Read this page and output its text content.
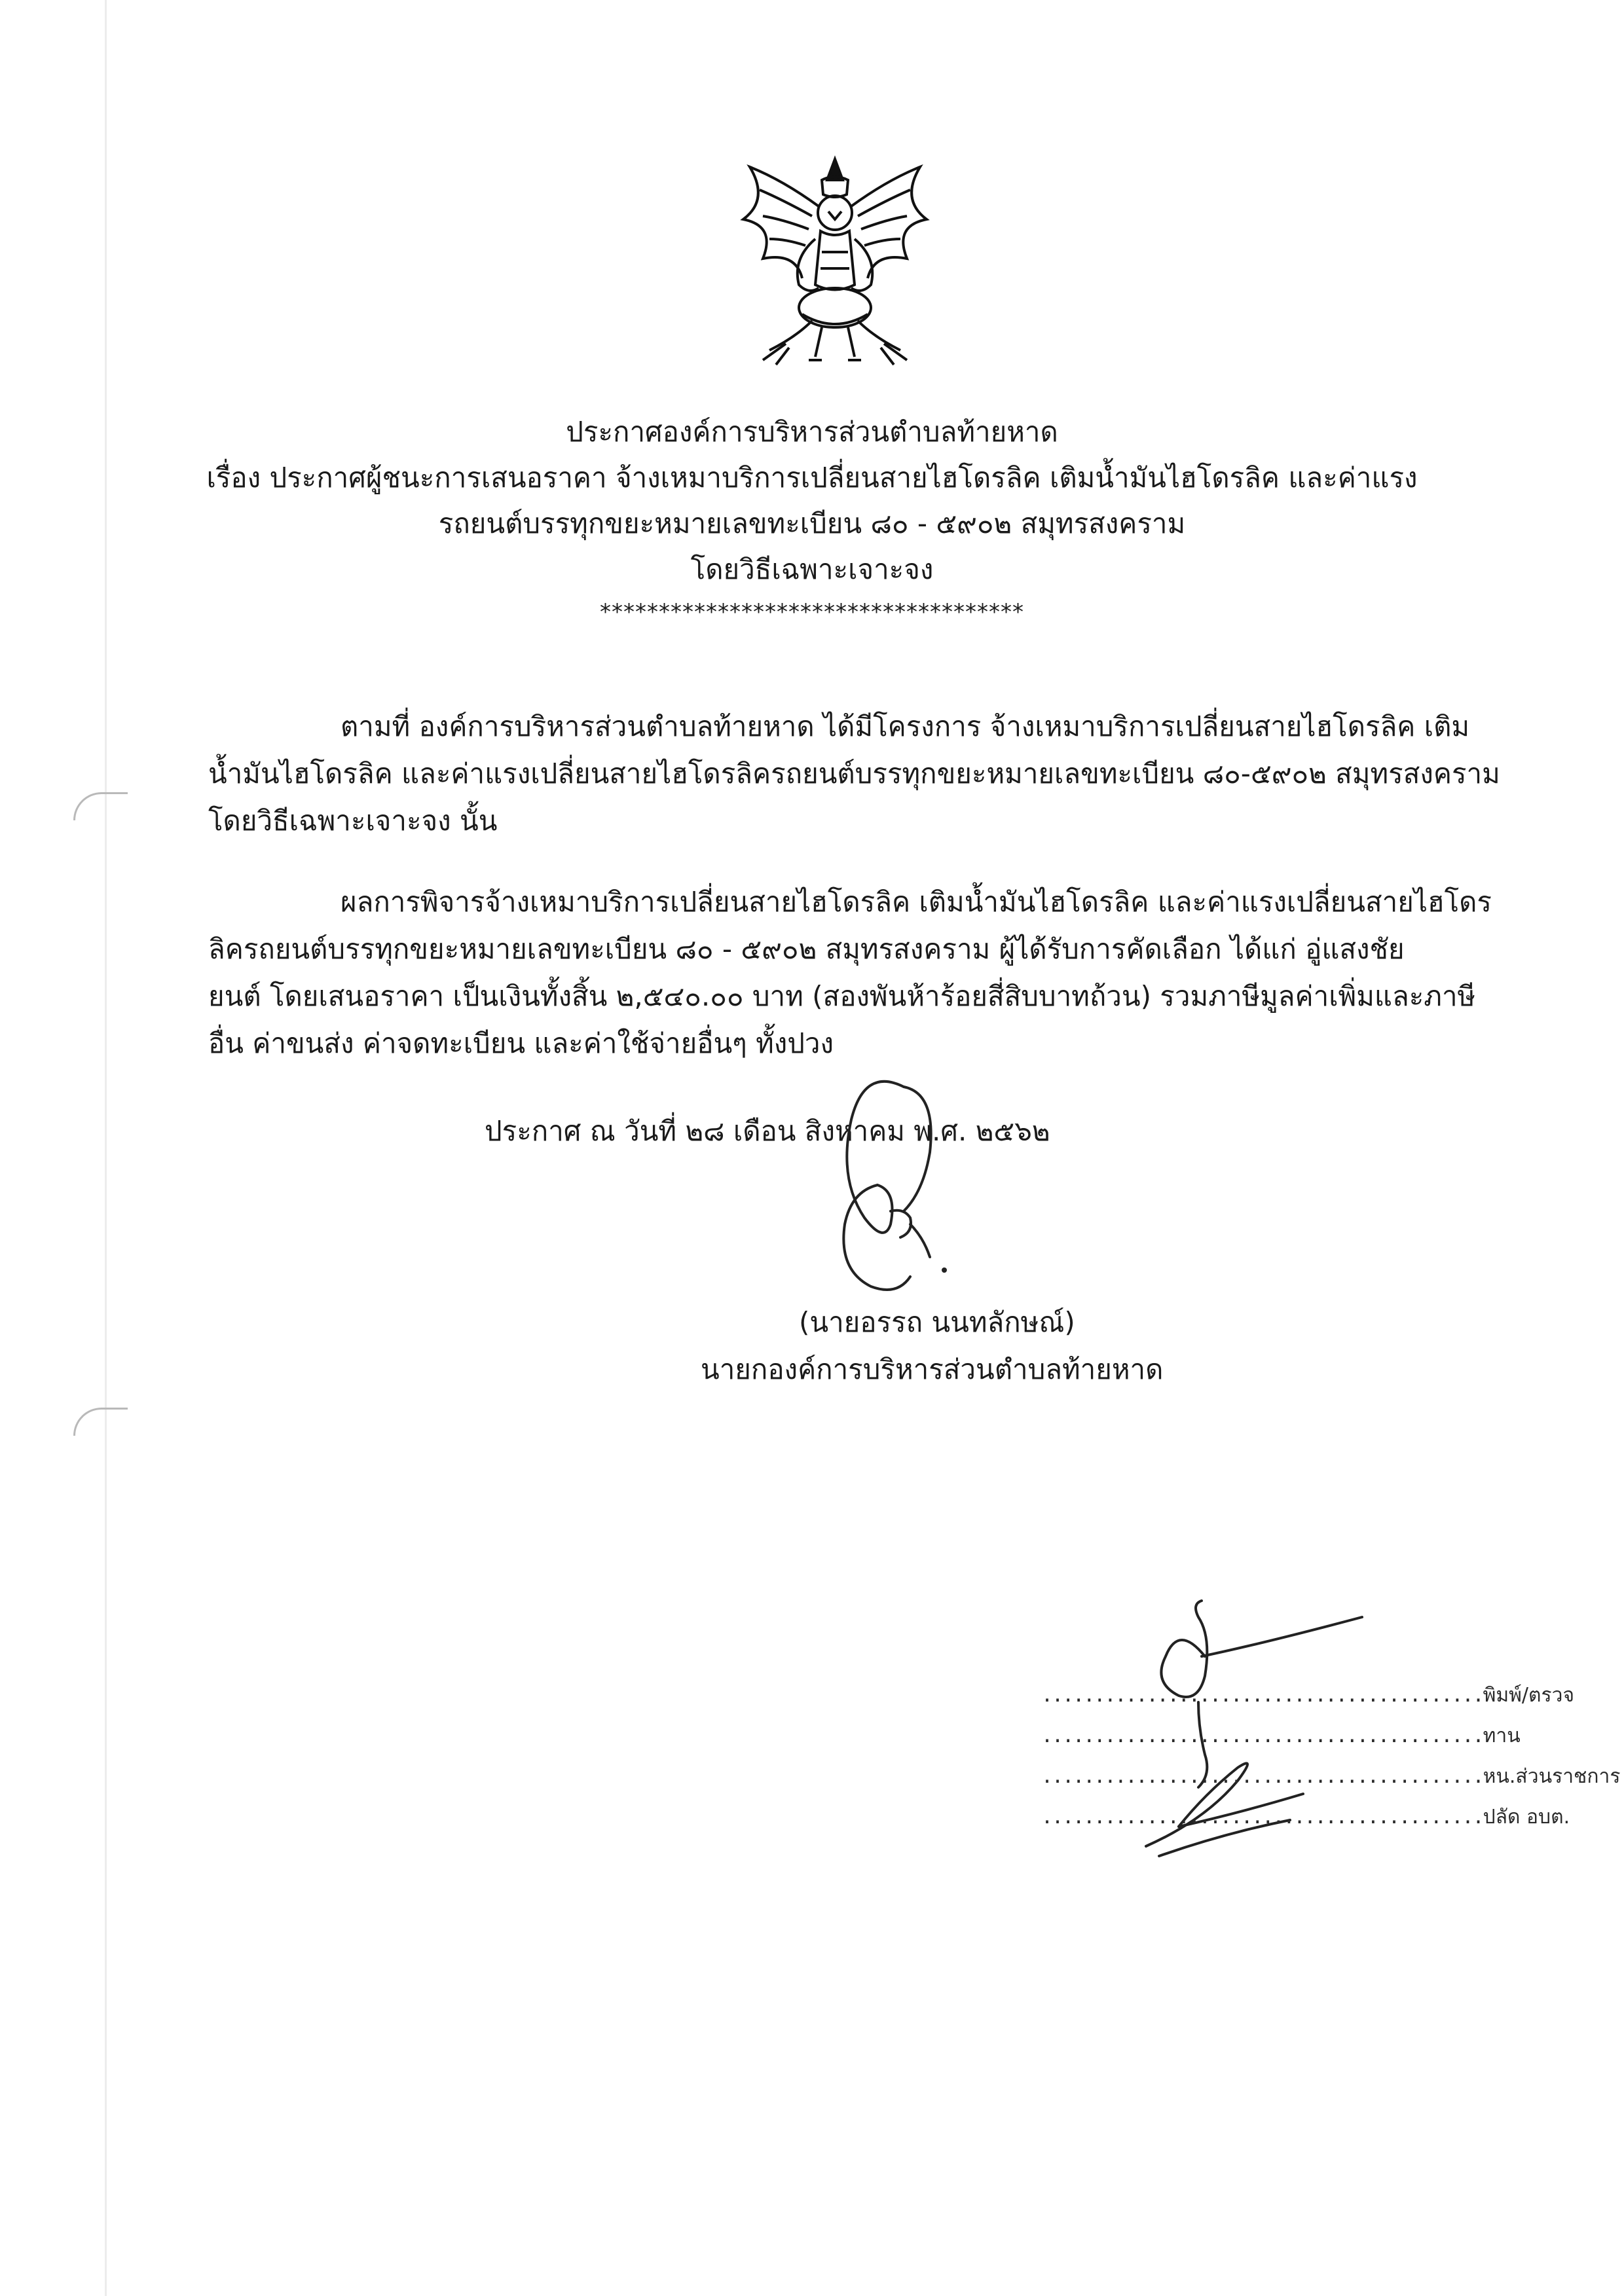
ประกาศองค์การบริหารส่วนตำบลท้ายหาด
เรื่อง ประกาศผู้ชนะการเสนอราคา จ้างเหมาบริการเปลี่ยนสายไฮโดรลิค เติมน้ำมันไฮโดรลิค และค่าแรง
รถยนต์บรรทุกขยะหมายเลขทะเบียน ๘๐ - ๕๙๐๒ สมุทรสงคราม
โดยวิธีเฉพาะเจาะจง
************************************
ตามที่ องค์การบริหารส่วนตำบลท้ายหาด ได้มีโครงการ จ้างเหมาบริการเปลี่ยนสายไฮโดรลิค เติม
น้ำมันไฮโดรลิค และค่าแรงเปลี่ยนสายไฮโดรลิครถยนต์บรรทุกขยะหมายเลขทะเบียน ๘๐-๕๙๐๒ สมุทรสงคราม
โดยวิธีเฉพาะเจาะจง นั้น
ผลการพิจารจ้างเหมาบริการเปลี่ยนสายไฮโดรลิค เติมน้ำมันไฮโดรลิค และค่าแรงเปลี่ยนสายไฮโดร
ลิครถยนต์บรรทุกขยะหมายเลขทะเบียน ๘๐ - ๕๙๐๒ สมุทรสงคราม ผู้ได้รับการคัดเลือก ได้แก่ อู่แสงชัย
ยนต์ โดยเสนอราคา เป็นเงินทั้งสิ้น ๒,๕๔๐.๐๐ บาท (สองพันห้าร้อยสี่สิบบาทถ้วน) รวมภาษีมูลค่าเพิ่มและภาษี
อื่น ค่าขนส่ง ค่าจดทะเบียน และค่าใช้จ่ายอื่นๆ ทั้งปวง
ประกาศ ณ วันที่ ๒๘ เดือน สิงหาคม พ.ศ. ๒๕๖๒
(นายอรรถ นนทลักษณ์)
นายกองค์การบริหารส่วนตำบลท้ายหาด
..........................................พิมพ์/ตรวจ
..........................................ทาน
..........................................หน.ส่วนราชการ
..........................................ปลัด อบต.
